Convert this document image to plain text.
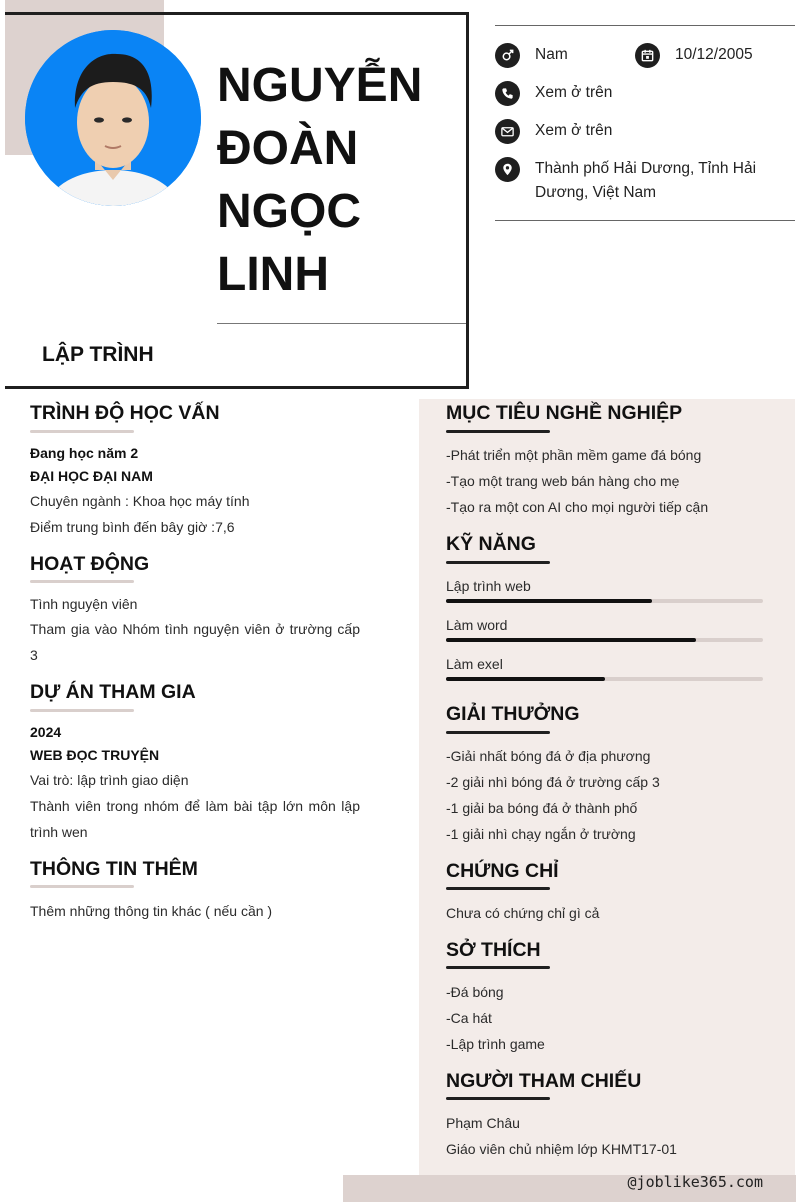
NGUYỄN
ĐOÀN
NGỌC
LINH
LẬP TRÌNH
Nam	10/12/2005
Xem ở trên
Xem ở trên
Thành phố Hải Dương, Tỉnh Hải Dương, Việt Nam
TRÌNH ĐỘ HỌC VẤN
Đang học năm 2
ĐẠI HỌC ĐẠI NAM
Chuyên ngành : Khoa học máy tính
Điểm trung bình đến bây giờ :7,6
HOẠT ĐỘNG
Tình nguyện viên
Tham gia vào Nhóm tình nguyện viên ở trường cấp 3
DỰ ÁN THAM GIA
2024
WEB ĐỌC TRUYỆN
Vai trò: lập trình giao diện
Thành viên trong nhóm để làm bài tập lớn môn lập trình wen
THÔNG TIN THÊM
Thêm những thông tin khác ( nếu cần )
MỤC TIÊU NGHỀ NGHIỆP
-Phát triển một phần mềm game đá bóng
-Tạo một trang web bán hàng cho mẹ
-Tạo ra một con AI cho mọi người tiếp cận
KỸ NĂNG
Lập trình web
Làm word
Làm exel
GIẢI THƯỞNG
-Giải nhất bóng đá ở địa phương
-2 giải nhì bóng đá ở trường cấp 3
-1 giải ba bóng đá ở thành phố
-1 giải nhì chạy ngắn ở trường
CHỨNG CHỈ
Chưa có chứng chỉ gì cả
SỞ THÍCH
-Đá bóng
-Ca hát
-Lập trình game
NGƯỜI THAM CHIẾU
Phạm Châu
Giáo viên chủ nhiệm lớp KHMT17-01
@joblike365.com
